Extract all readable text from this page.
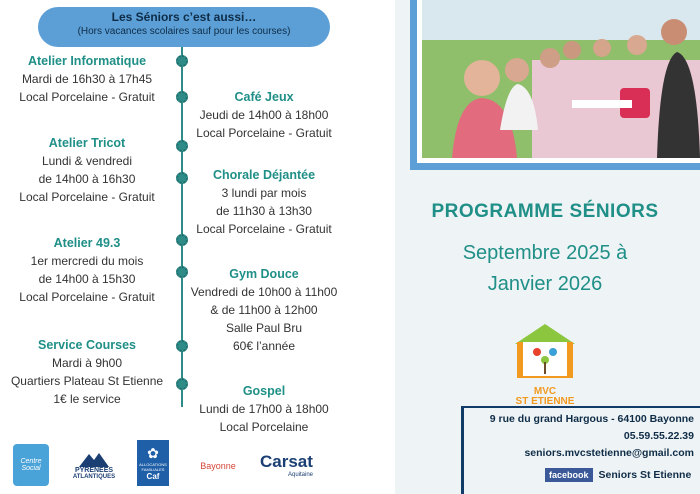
Les Séniors c’est aussi…
(Hors vacances scolaires sauf pour les courses)
Atelier Informatique
Mardi de 16h30 à 17h45
Local Porcelaine - Gratuit
Atelier Tricot
Lundi & vendredi
de 14h00 à 16h30
Local Porcelaine - Gratuit
Atelier 49.3
1er mercredi du mois
de 14h00 à 15h30
Local Porcelaine - Gratuit
Service Courses
Mardi à 9h00
Quartiers Plateau St Etienne
1€ le service
Café Jeux
Jeudi de 14h00 à 18h00
Local Porcelaine - Gratuit
Chorale Déjantée
3 lundi par mois
de 11h30 à 13h30
Local Porcelaine - Gratuit
Gym Douce
Vendredi de 10h00 à 11h00
& de 11h00 à 12h00
Salle Paul Bru
60€ l’année
Gospel
Lundi de 17h00 à 18h00
Local Porcelaine
Centre Social	PYRENEES
ATLANTIQUES
✿
ALLOCATIONS FAMILIALES
Caf
Bayonne Carsat
Aquitaine
PROGRAMME SÉNIORS
Septembre 2025 à
Janvier 2026
MVC
ST ETIENNE
9 rue du grand Hargous - 64100 Bayonne
05.59.55.22.39
seniors.mvcstetienne@gmail.com
facebook Seniors St Etienne
